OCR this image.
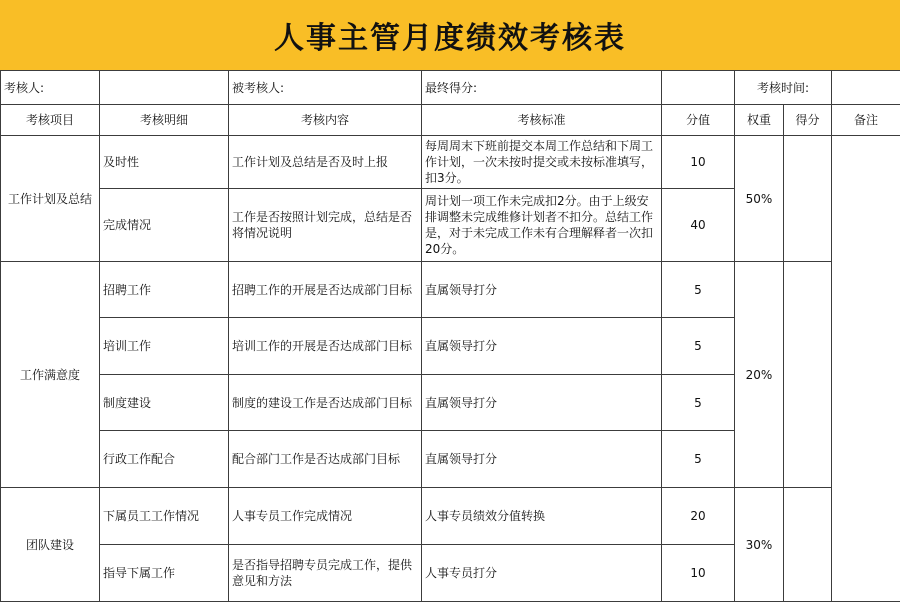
人事主管月度绩效考核表
考核人:		被考核人:	最终得分:		考核时间:		
考核项目	考核明细	考核内容	考核标准	分值	权重	得分	备注
工作计划及总结	及时性	工作计划及总结是否及时上报	每周周末下班前提交本周工作总结和下周工作计划，一次未按时提交或未按标准填写，扣3分。	10	50%		
	完成情况	工作是否按照计划完成，总结是否将情况说明	周计划一项工作未完成扣2分。由于上级安排调整未完成维修计划者不扣分。总结工作是，对于未完成工作未有合理解释者一次扣20分。	40			
工作满意度	招聘工作	招聘工作的开展是否达成部门目标	直属领导打分	5	20%		
	培训工作	培训工作的开展是否达成部门目标	直属领导打分	5			
	制度建设	制度的建设工作是否达成部门目标	直属领导打分	5			
	行政工作配合	配合部门工作是否达成部门目标	直属领导打分	5			
团队建设	下属员工工作情况	人事专员工作完成情况	人事专员绩效分值转换	20	30%		
	指导下属工作	是否指导招聘专员完成工作，提供意见和方法	人事专员打分	10			
